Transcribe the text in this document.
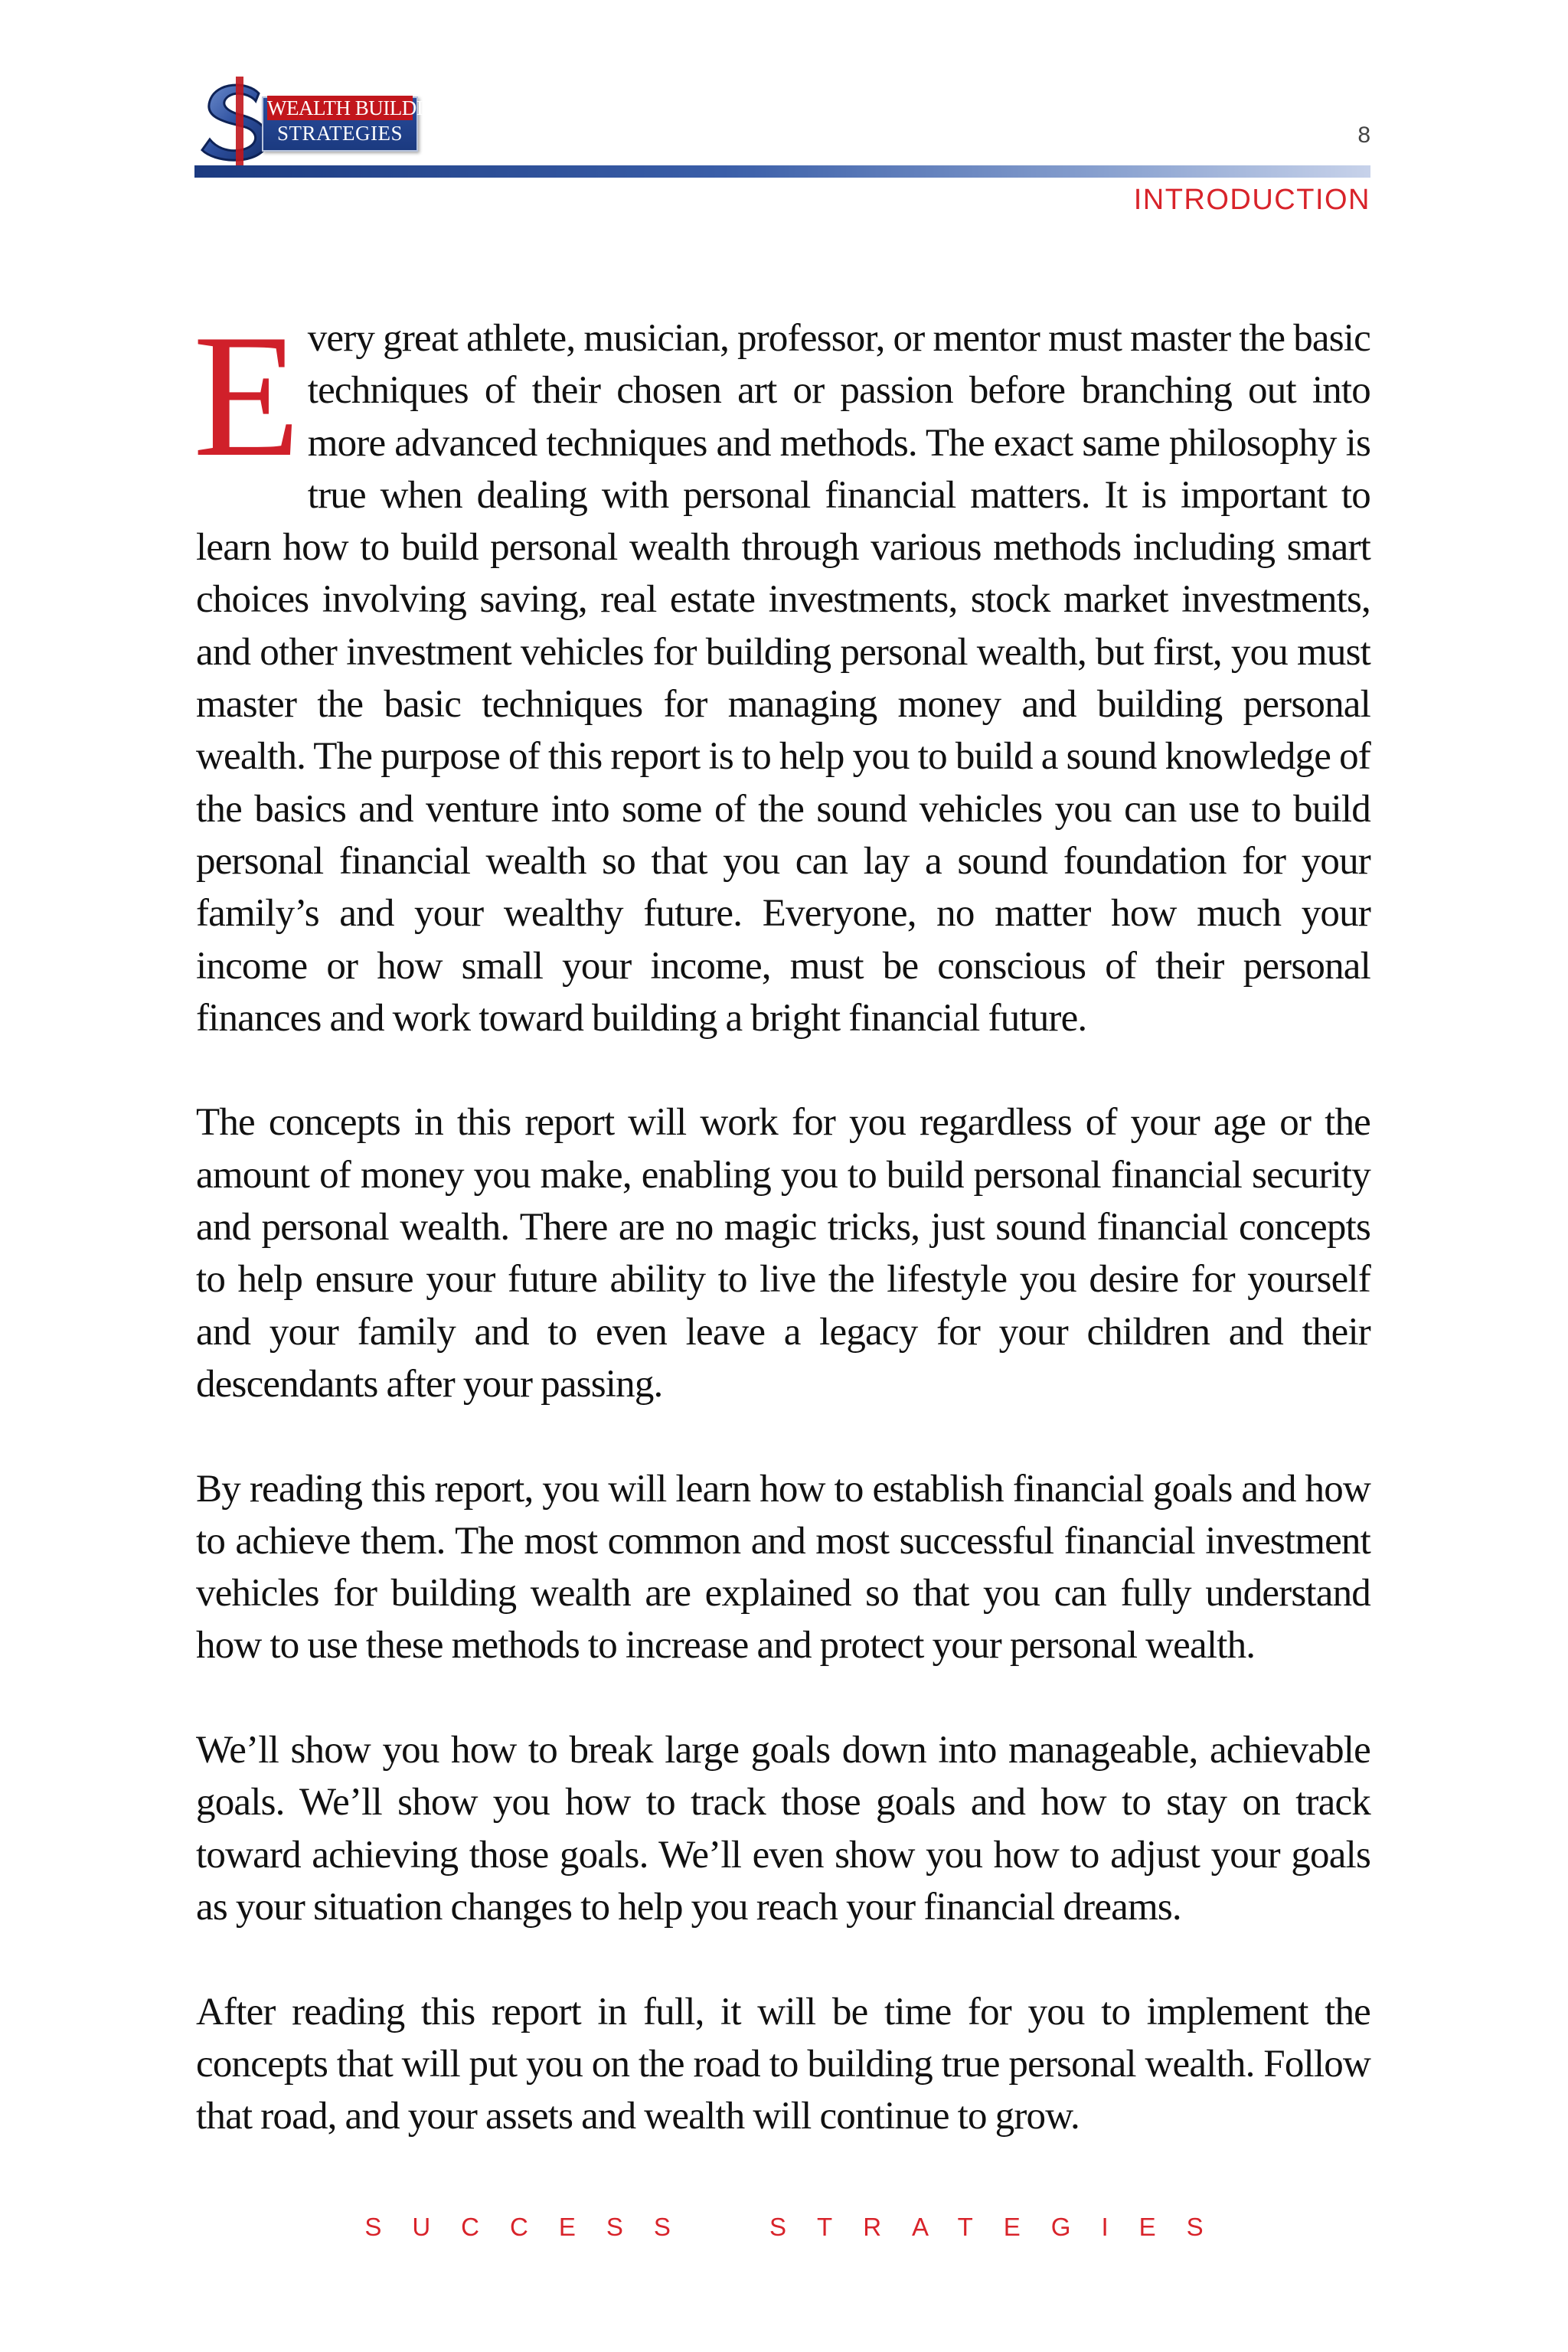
WEALTH BUILDING
STRATEGIES	8
INTRODUCTION

Every great athlete, musician, professor, or mentor must master the basic techniques of their chosen art or passion before branching out into more advanced techniques and methods. The exact same philosophy is true when dealing with personal financial matters. It is important to learn how to build personal wealth through various methods including smart choices involving saving, real estate investments, stock market investments, and other investment vehicles for building personal wealth, but first, you must master the basic techniques for managing money and building personal wealth. The purpose of this report is to help you to build a sound knowledge of the basics and venture into some of the sound vehicles you can use to build personal financial wealth so that you can lay a sound foundation for your family’s and your wealthy future. Everyone, no matter how much your income or how small your income, must be conscious of their personal finances and work toward building a bright financial future.

The concepts in this report will work for you regardless of your age or the amount of money you make, enabling you to build personal financial security and personal wealth. There are no magic tricks, just sound financial concepts to help ensure your future ability to live the lifestyle you desire for yourself and your family and to even leave a legacy for your children and their descendants after your passing.

By reading this report, you will learn how to establish financial goals and how to achieve them. The most common and most successful financial investment vehicles for building wealth are explained so that you can fully understand how to use these methods to increase and protect your personal wealth.

We’ll show you how to break large goals down into manageable, achievable goals. We’ll show you how to track those goals and how to stay on track toward achieving those goals. We’ll even show you how to adjust your goals as your situation changes to help you reach your financial dreams.

After reading this report in full, it will be time for you to implement the concepts that will put you on the road to building true personal wealth. Follow that road, and your assets and wealth will continue to grow.

SUCCESS STRATEGIES
